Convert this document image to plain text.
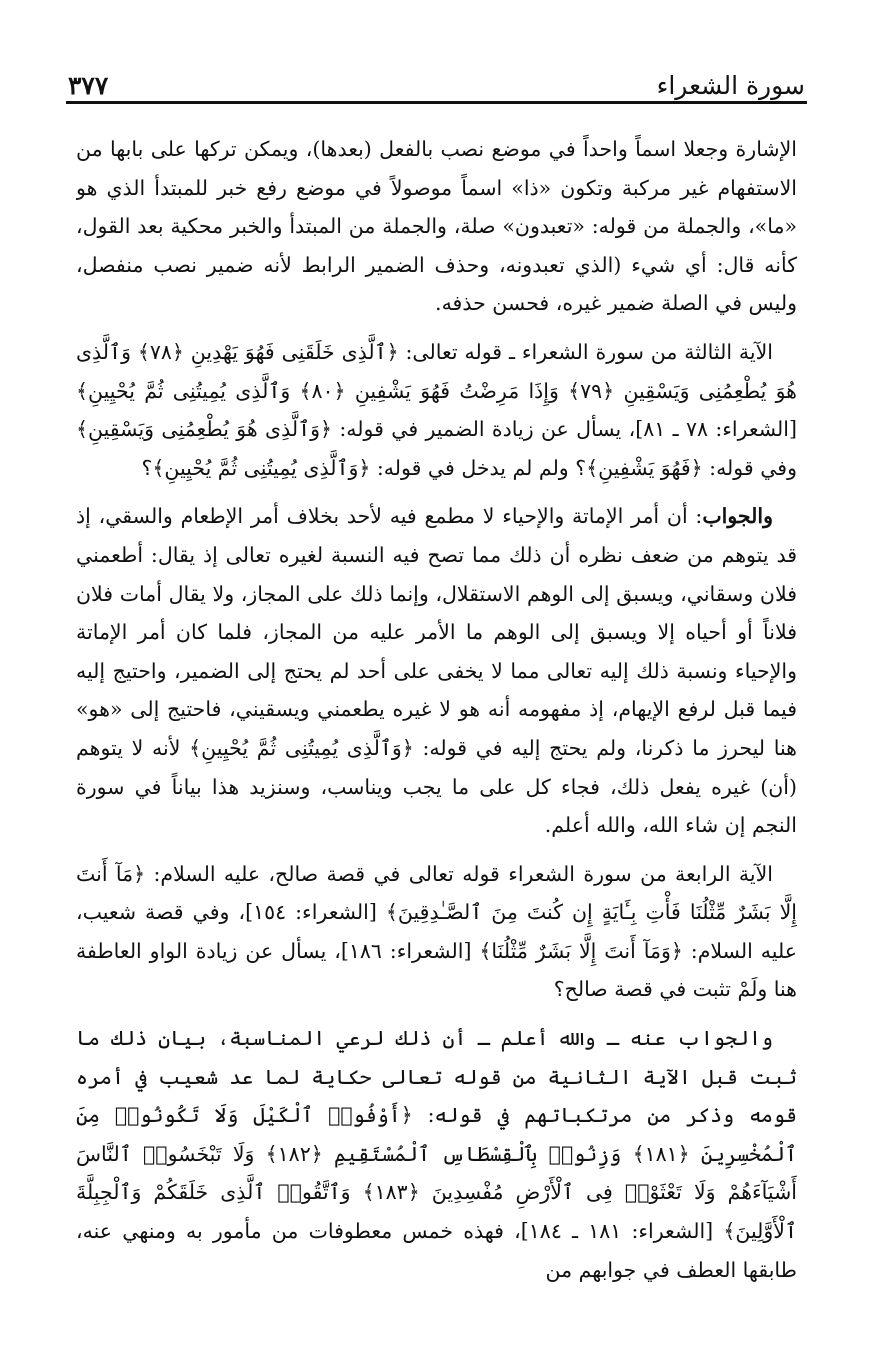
سورة الشعراء
٣٧٧

الإشارة وجعلا اسماً واحداً في موضع نصب بالفعل (بعدها)، ويمكن تركها على بابها من الاستفهام غير مركبة وتكون «ذا» اسماً موصولاً في موضع رفع خبر للمبتدأ الذي هو «ما»، والجملة من قوله: «تعبدون» صلة، والجملة من المبتدأ والخبر محكية بعد القول، كأنه قال: أي شيء (الذي تعبدونه، وحذف الضمير الرابط لأنه ضمير نصب منفصل، وليس في الصلة ضمير غيره، فحسن حذفه.

الآية الثالثة من سورة الشعراء ـ قوله تعالى: ﴿ٱلَّذِى خَلَقَنِى فَهُوَ يَهْدِينِ ﴿٧٨﴾ وَٱلَّذِى هُوَ يُطْعِمُنِى وَيَسْقِينِ ﴿٧٩﴾ وَإِذَا مَرِضْتُ فَهُوَ يَشْفِينِ ﴿٨٠﴾ وَٱلَّذِى يُمِيتُنِى ثُمَّ يُحْيِينِ﴾ [الشعراء: ٧٨ ـ ٨١]، يسأل عن زيادة الضمير في قوله: ﴿وَٱلَّذِى هُوَ يُطْعِمُنِى وَيَسْقِينِ﴾ وفي قوله: ﴿فَهُوَ يَشْفِينِ﴾؟ ولم لم يدخل في قوله: ﴿وَٱلَّذِى يُمِيتُنِى ثُمَّ يُحْيِينِ﴾؟

والجواب: أن أمر الإماتة والإحياء لا مطمع فيه لأحد بخلاف أمر الإطعام والسقي، إذ قد يتوهم من ضعف نظره أن ذلك مما تصح فيه النسبة لغيره تعالى إذ يقال: أطعمني فلان وسقاني، ويسبق إلى الوهم الاستقلال، وإنما ذلك على المجاز، ولا يقال أمات فلان فلاناً أو أحياه إلا ويسبق إلى الوهم ما الأمر عليه من المجاز، فلما كان أمر الإماتة والإحياء ونسبة ذلك إليه تعالى مما لا يخفى على أحد لم يحتج إلى الضمير، واحتيج إليه فيما قبل لرفع الإيهام، إذ مفهومه أنه هو لا غيره يطعمني ويسقيني، فاحتيج إلى «هو» هنا ليحرز ما ذكرنا، ولم يحتج إليه في قوله: ﴿وَٱلَّذِى يُمِيتُنِى ثُمَّ يُحْيِينِ﴾ لأنه لا يتوهم (أن) غيره يفعل ذلك، فجاء كل على ما يجب ويناسب، وسنزيد هذا بياناً في سورة النجم إن شاء الله، والله أعلم.

الآية الرابعة من سورة الشعراء قوله تعالى في قصة صالح، عليه السلام: ﴿مَآ أَنتَ إِلَّا بَشَرٌ مِّثْلُنَا فَأْتِ بِـَٔايَةٍ إِن كُنتَ مِنَ ٱلصَّـٰدِقِينَ﴾ [الشعراء: ١٥٤]، وفي قصة شعيب، عليه السلام: ﴿وَمَآ أَنتَ إِلَّا بَشَرٌ مِّثْلُنَا﴾ [الشعراء: ١٨٦]، يسأل عن زيادة الواو العاطفة هنا ولَمْ تثبت في قصة صالح؟

والجواب عنه ـ والله أعلم ـ أن ذلك لرعي المناسبة، بيان ذلك ما ثبت قبل الآية الثانية من قوله تعالى حكاية لما عد شعيب في أمره قومه وذكر من مرتكباتهم في قوله: ﴿أَوْفُوا۟ ٱلْكَيْلَ وَلَا تَكُونُوا۟ مِنَ ٱلْمُخْسِرِينَ ﴿١٨١﴾ وَزِنُوا۟ بِٱلْقِسْطَاسِ ٱلْمُسْتَقِيمِ ﴿١٨٢﴾ وَلَا تَبْخَسُوا۟ ٱلنَّاسَ أَشْيَآءَهُمْ وَلَا تَعْثَوْا۟ فِى ٱلْأَرْضِ مُفْسِدِينَ ﴿١٨٣﴾ وَٱتَّقُوا۟ ٱلَّذِى خَلَقَكُمْ وَٱلْجِبِلَّةَ ٱلْأَوَّلِينَ﴾ [الشعراء: ١٨١ ـ ١٨٤]، فهذه خمس معطوفات من مأمور به ومنهي عنه، طابقها العطف في جوابهم من
